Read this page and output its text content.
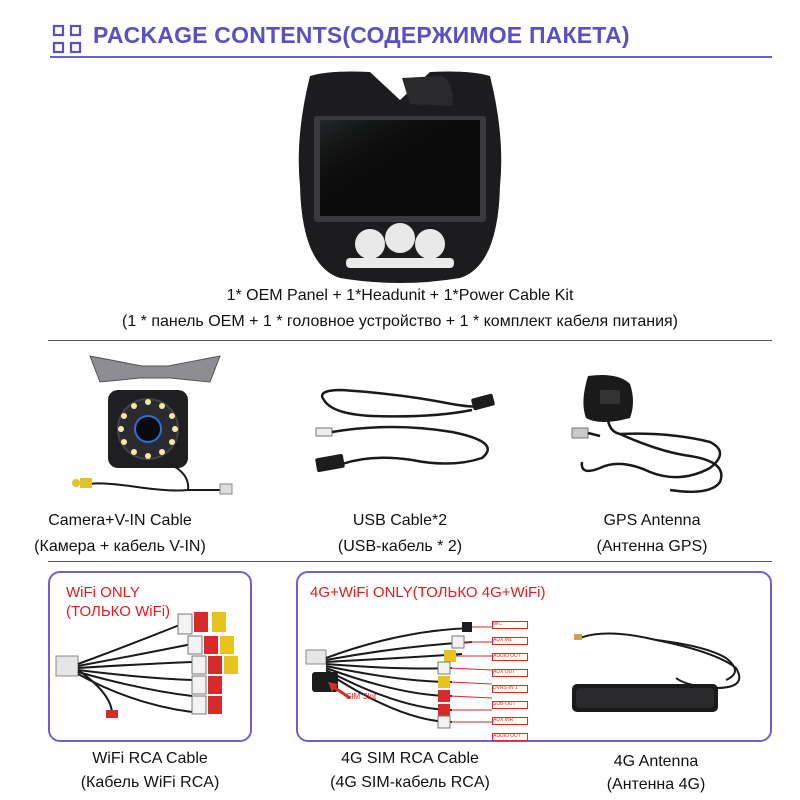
PACKAGE CONTENTS(СОДЕРЖИМОЕ ПАКЕТА)
1* OEM Panel + 1*Headunit + 1*Power Cable Kit
(1 * панель OEM + 1 * головное устройство + 1 * комплект кабеля питания)
Camera+V-IN Cable
(Камера + кабель V-IN)
USB Cable*2
(USB-кабель * 2)
GPS Antenna
(Антенна GPS)
WiFi ONLY
(ТОЛЬКО WiFi)
WiFi RCA Cable
(Кабель WiFi RCA)
4G+WiFi ONLY(ТОЛЬКО 4G+WiFi)
MIC
AUX INL
AUDIO OUT
AUX OUT
DVRS-IN 1
SUB-OUT
AUX INR
AUDIO OUT
SIM Slot
4G SIM RCA Cable
(4G SIM-кабель RCA)
4G Antenna
(Антенна 4G)
